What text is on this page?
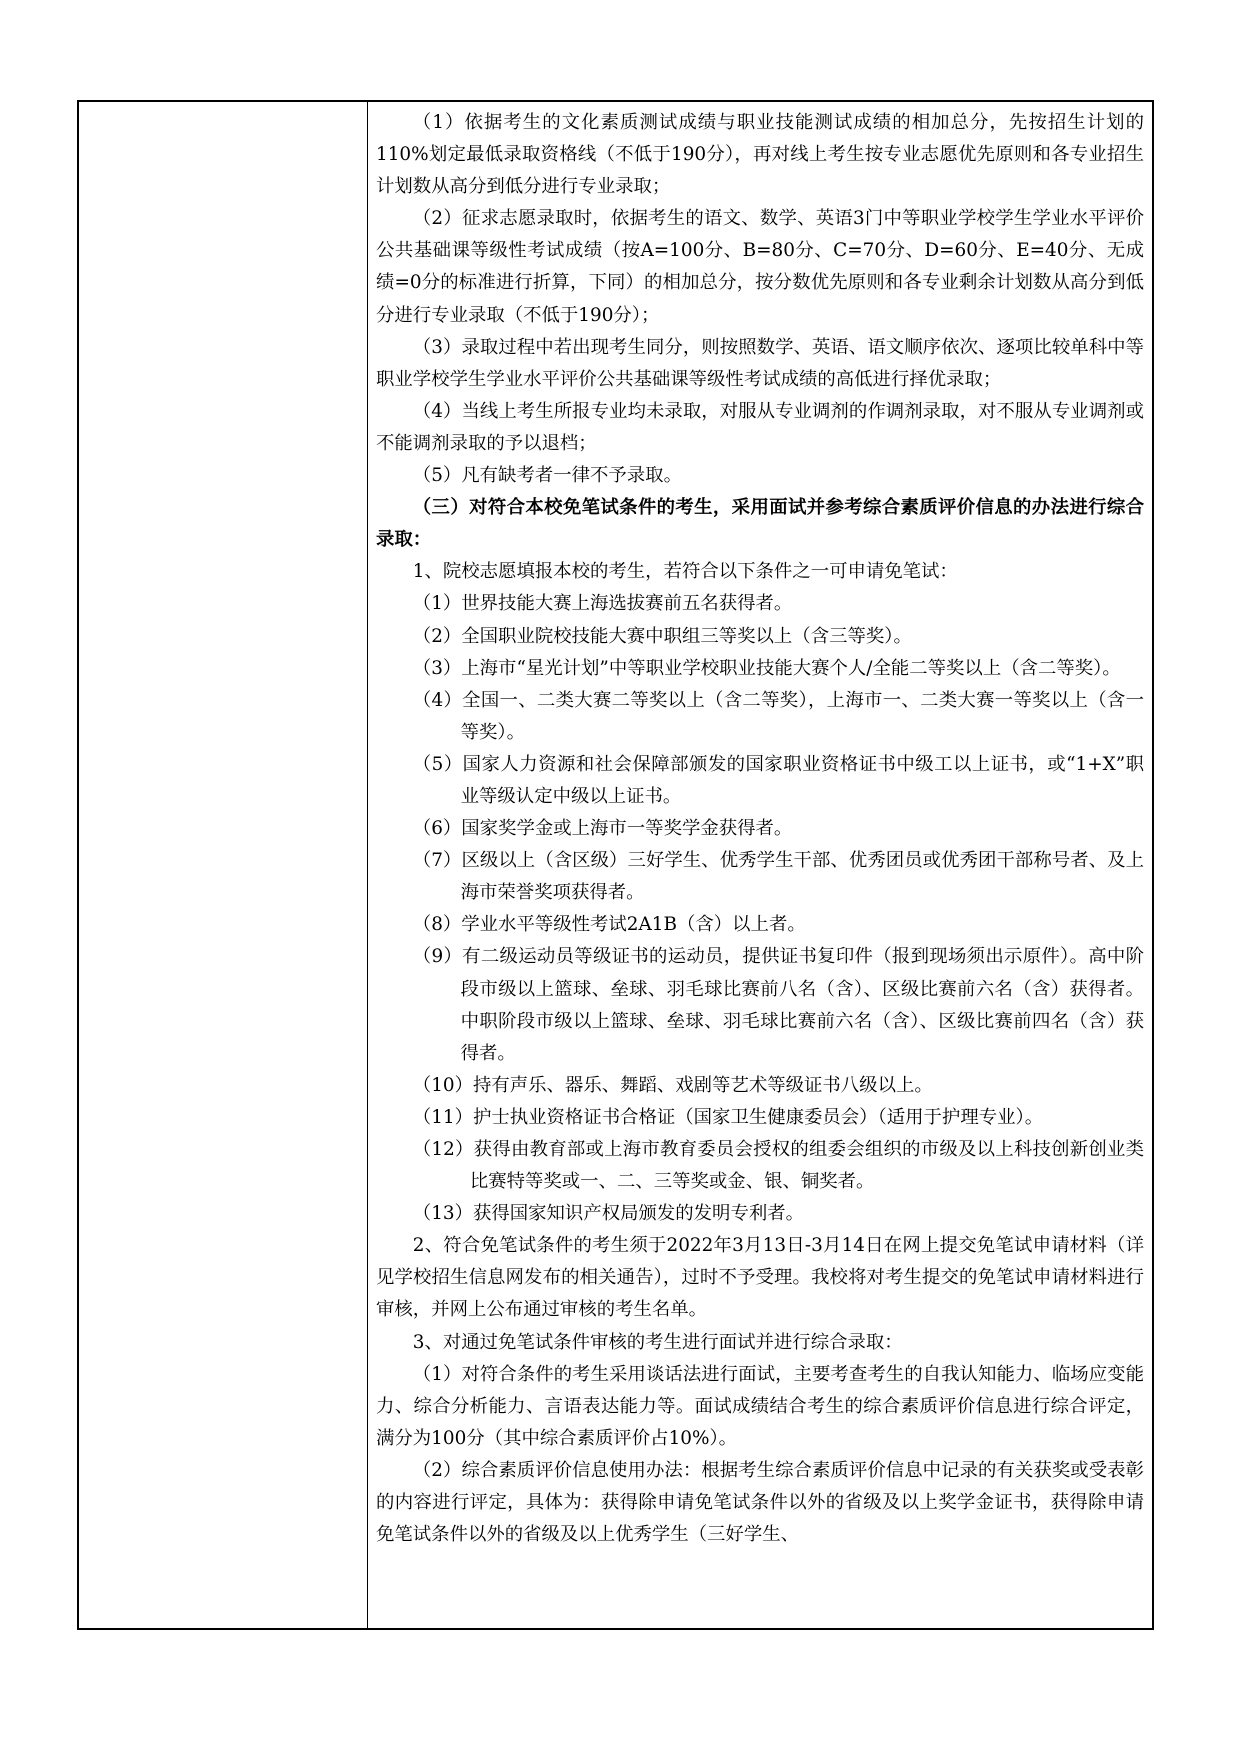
（1）依据考生的文化素质测试成绩与职业技能测试成绩的相加总分，先按招生计划的110%划定最低录取资格线（不低于190分），再对线上考生按专业志愿优先原则和各专业招生计划数从高分到低分进行专业录取；

（2）征求志愿录取时，依据考生的语文、数学、英语3门中等职业学校学生学业水平评价公共基础课等级性考试成绩（按A=100分、B=80分、C=70分、D=60分、E=40分、无成绩=0分的标准进行折算，下同）的相加总分，按分数优先原则和各专业剩余计划数从高分到低分进行专业录取（不低于190分）；

（3）录取过程中若出现考生同分，则按照数学、英语、语文顺序依次、逐项比较单科中等职业学校学生学业水平评价公共基础课等级性考试成绩的高低进行择优录取；

（4）当线上考生所报专业均未录取，对服从专业调剂的作调剂录取，对不服从专业调剂或不能调剂录取的予以退档；

（5）凡有缺考者一律不予录取。

（三）对符合本校免笔试条件的考生，采用面试并参考综合素质评价信息的办法进行综合录取：

1、院校志愿填报本校的考生，若符合以下条件之一可申请免笔试：

（1）世界技能大赛上海选拔赛前五名获得者。

（2）全国职业院校技能大赛中职组三等奖以上（含三等奖）。

（3）上海市“星光计划”中等职业学校职业技能大赛个人/全能二等奖以上（含二等奖）。

（4）全国一、二类大赛二等奖以上（含二等奖），上海市一、二类大赛一等奖以上（含一等奖）。

（5）国家人力资源和社会保障部颁发的国家职业资格证书中级工以上证书，或“1+X”职业等级认定中级以上证书。

（6）国家奖学金或上海市一等奖学金获得者。

（7）区级以上（含区级）三好学生、优秀学生干部、优秀团员或优秀团干部称号者、及上海市荣誉奖项获得者。

（8）学业水平等级性考试2A1B（含）以上者。

（9）有二级运动员等级证书的运动员，提供证书复印件（报到现场须出示原件）。高中阶段市级以上篮球、垒球、羽毛球比赛前八名（含）、区级比赛前六名（含）获得者。中职阶段市级以上篮球、垒球、羽毛球比赛前六名（含）、区级比赛前四名（含）获得者。

（10）持有声乐、器乐、舞蹈、戏剧等艺术等级证书八级以上。

（11）护士执业资格证书合格证（国家卫生健康委员会）（适用于护理专业）。

（12）获得由教育部或上海市教育委员会授权的组委会组织的市级及以上科技创新创业类比赛特等奖或一、二、三等奖或金、银、铜奖者。

（13）获得国家知识产权局颁发的发明专利者。

2、符合免笔试条件的考生须于2022年3月13日-3月14日在网上提交免笔试申请材料（详见学校招生信息网发布的相关通告），过时不予受理。我校将对考生提交的免笔试申请材料进行审核，并网上公布通过审核的考生名单。

3、对通过免笔试条件审核的考生进行面试并进行综合录取：

（1）对符合条件的考生采用谈话法进行面试，主要考查考生的自我认知能力、临场应变能力、综合分析能力、言语表达能力等。面试成绩结合考生的综合素质评价信息进行综合评定，满分为100分（其中综合素质评价占10%）。

（2）综合素质评价信息使用办法：根据考生综合素质评价信息中记录的有关获奖或受表彰的内容进行评定，具体为：获得除申请免笔试条件以外的省级及以上奖学金证书，获得除申请免笔试条件以外的省级及以上优秀学生（三好学生、
